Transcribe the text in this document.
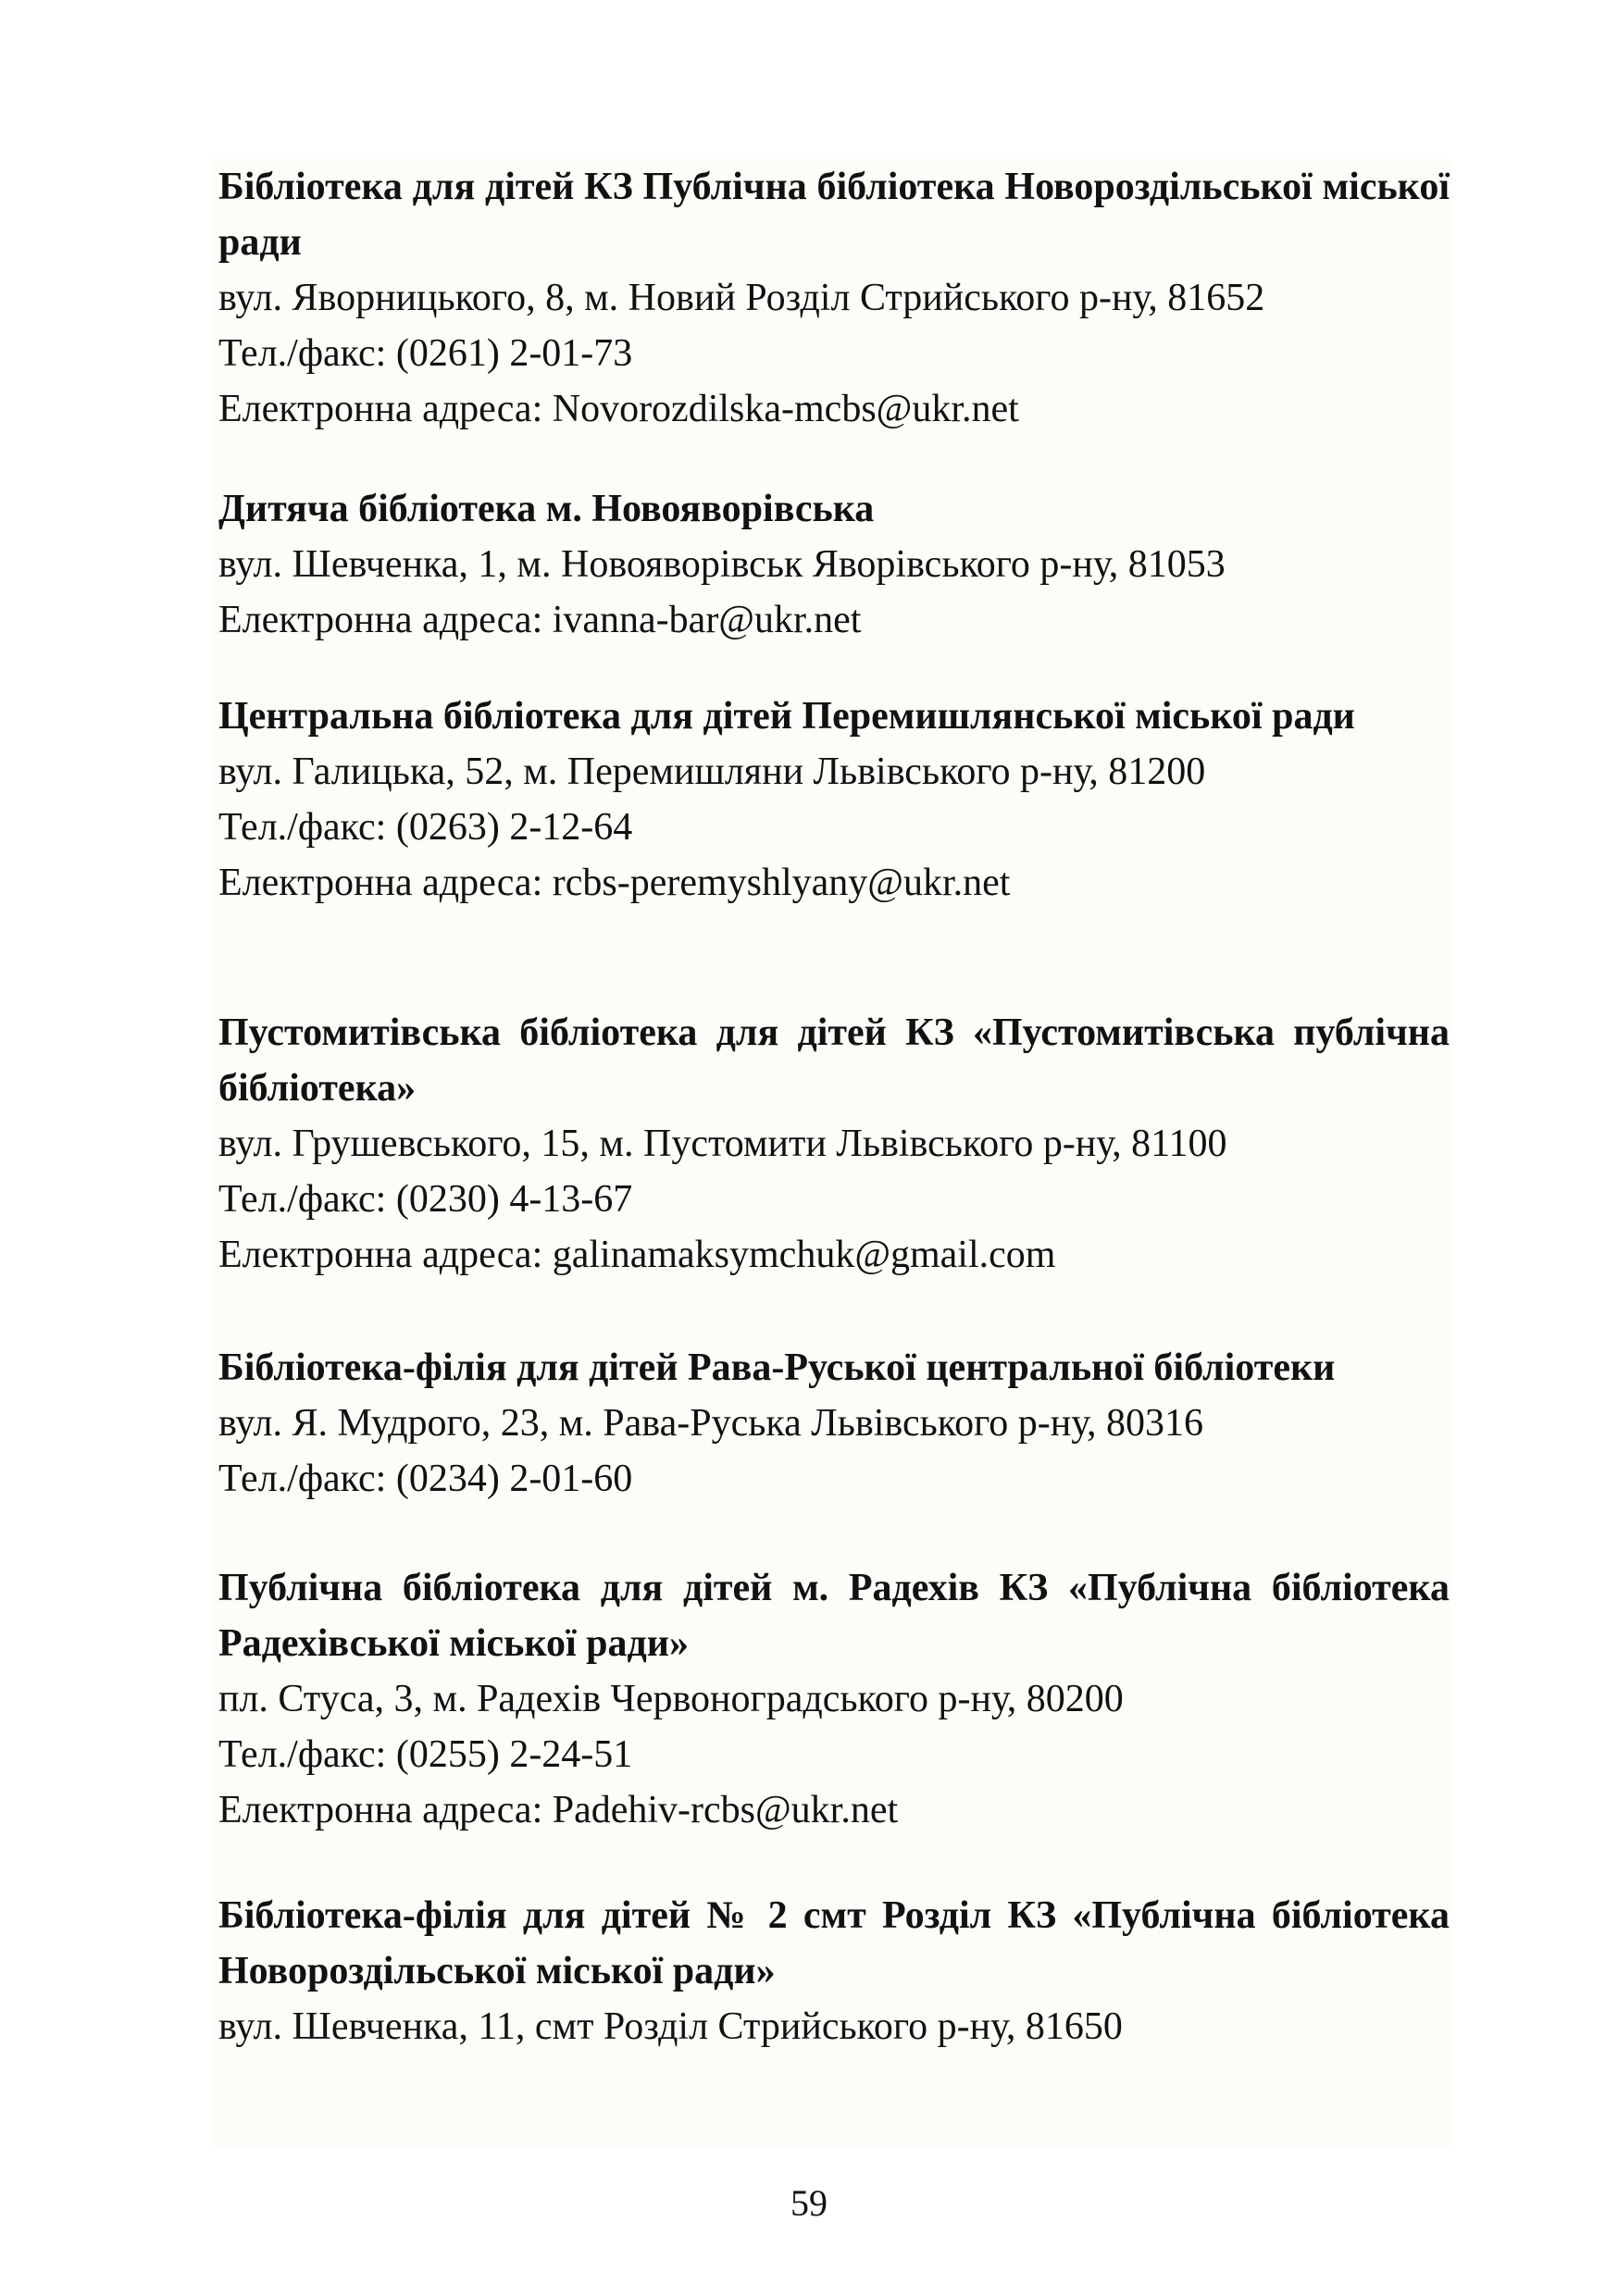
Бібліотека для дітей КЗ Публічна бібліотека Новороздільської міської ради

вул. Яворницького, 8, м. Новий Розділ Стрийського р-ну, 81652

Тел./факс: (0261) 2-01-73

Електронна адреса: Novorozdilska-mcbs@ukr.net

Дитяча бібліотека м. Новояворівська

вул. Шевченка, 1, м. Новояворівськ Яворівського р-ну, 81053

Електронна адреса: ivanna-bar@ukr.net

Центральна бібліотека для дітей Перемишлянської міської ради

вул. Галицька, 52, м. Перемишляни Львівського р-ну, 81200

Тел./факс: (0263) 2-12-64

Електронна адреса: rcbs-peremyshlyany@ukr.net

Пустомитівська бібліотека для дітей КЗ «Пустомитівська публічна бібліотека»

вул. Грушевського, 15, м. Пустомити Львівського р-ну, 81100

Тел./факс: (0230) 4-13-67

Електронна адреса: galinamaksymchuk@gmail.com

Бібліотека-філія для дітей Рава-Руської центральної бібліотеки

вул. Я. Мудрого, 23, м. Рава-Руська Львівського р-ну, 80316

Тел./факс: (0234) 2-01-60

Публічна бібліотека для дітей м. Радехів КЗ «Публічна бібліотека Радехівської міської ради»

пл. Стуса, 3, м. Радехів Червоноградського р-ну, 80200

Тел./факс: (0255) 2-24-51

Електронна адреса: Padehiv-rcbs@ukr.net

Бібліотека-філія для дітей № 2 смт Розділ КЗ «Публічна бібліотека Новороздільської міської ради»

вул. Шевченка, 11, смт Розділ Стрийського р-ну, 81650

59
